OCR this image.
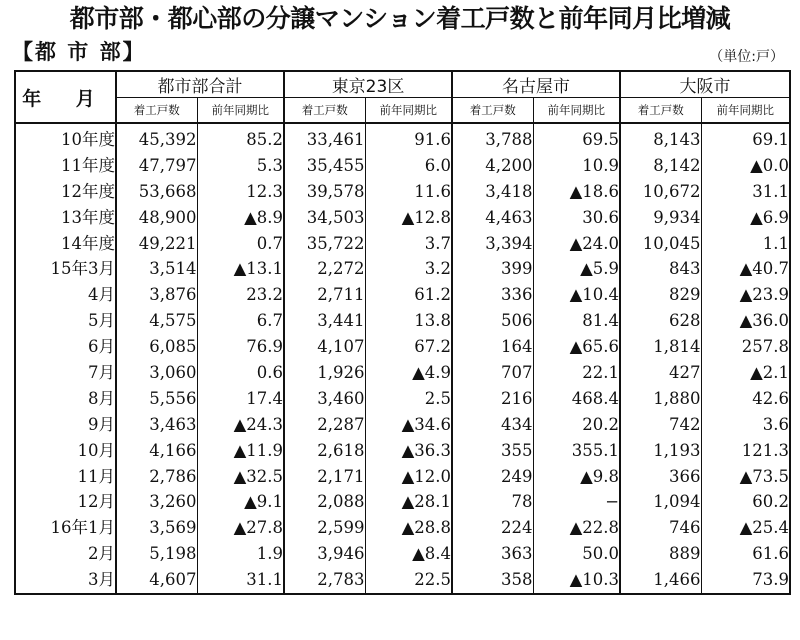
都市部・都心部の分譲マンション着工戸数と前年同月比増減
【都 市 部】	（単位:戸）
年 月	都市部合計		東京23区		名古屋市		大阪市	
	着工戸数	前年同期比	着工戸数	前年同期比	着工戸数	前年同期比	着工戸数	前年同期比
10年度	45,392	85.2	33,461	91.6	3,788	69.5	8,143	69.1
11年度	47,797	5.3	35,455	6.0	4,200	10.9	8,142	▲0.0
12年度	53,668	12.3	39,578	11.6	3,418	▲18.6	10,672	31.1
13年度	48,900	▲8.9	34,503	▲12.8	4,463	30.6	9,934	▲6.9
14年度	49,221	0.7	35,722	3.7	3,394	▲24.0	10,045	1.1
15年3月	3,514	▲13.1	2,272	3.2	399	▲5.9	843	▲40.7
4月	3,876	23.2	2,711	61.2	336	▲10.4	829	▲23.9
5月	4,575	6.7	3,441	13.8	506	81.4	628	▲36.0
6月	6,085	76.9	4,107	67.2	164	▲65.6	1,814	257.8
7月	3,060	0.6	1,926	▲4.9	707	22.1	427	▲2.1
8月	5,556	17.4	3,460	2.5	216	468.4	1,880	42.6
9月	3,463	▲24.3	2,287	▲34.6	434	20.2	742	3.6
10月	4,166	▲11.9	2,618	▲36.3	355	355.1	1,193	121.3
11月	2,786	▲32.5	2,171	▲12.0	249	▲9.8	366	▲73.5
12月	3,260	▲9.1	2,088	▲28.1	78	−	1,094	60.2
16年1月	3,569	▲27.8	2,599	▲28.8	224	▲22.8	746	▲25.4
2月	5,198	1.9	3,946	▲8.4	363	50.0	889	61.6
3月	4,607	31.1	2,783	22.5	358	▲10.3	1,466	73.9
